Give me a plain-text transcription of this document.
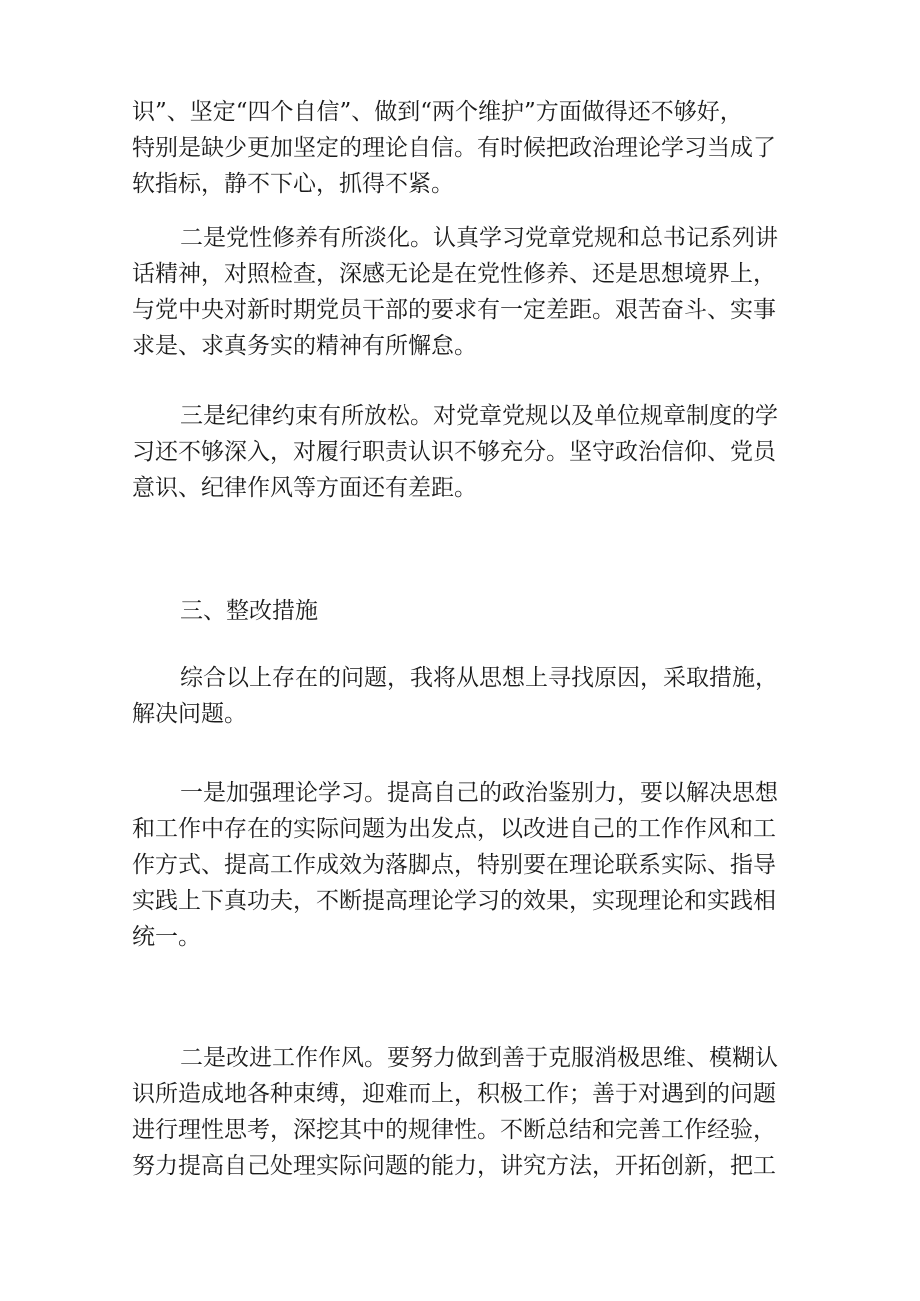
识”、坚定“四个自信”、做到“两个维护”方面做得还不够好，
特别是缺少更加坚定的理论自信。有时候把政治理论学习当成了
软指标，静不下心，抓得不紧。
二是党性修养有所淡化。认真学习党章党规和总书记系列讲
话精神，对照检查，深感无论是在党性修养、还是思想境界上，
与党中央对新时期党员干部的要求有一定差距。艰苦奋斗、实事
求是、求真务实的精神有所懈怠。
三是纪律约束有所放松。对党章党规以及单位规章制度的学
习还不够深入，对履行职责认识不够充分。坚守政治信仰、党员
意识、纪律作风等方面还有差距。
三、整改措施
综合以上存在的问题，我将从思想上寻找原因，采取措施，
解决问题。
一是加强理论学习。提高自己的政治鉴别力，要以解决思想
和工作中存在的实际问题为出发点，以改进自己的工作作风和工
作方式、提高工作成效为落脚点，特别要在理论联系实际、指导
实践上下真功夫，不断提高理论学习的效果，实现理论和实践相
统一。
二是改进工作作风。要努力做到善于克服消极思维、模糊认
识所造成地各种束缚，迎难而上，积极工作；善于对遇到的问题
进行理性思考，深挖其中的规律性。不断总结和完善工作经验，
努力提高自己处理实际问题的能力，讲究方法，开拓创新，把工
